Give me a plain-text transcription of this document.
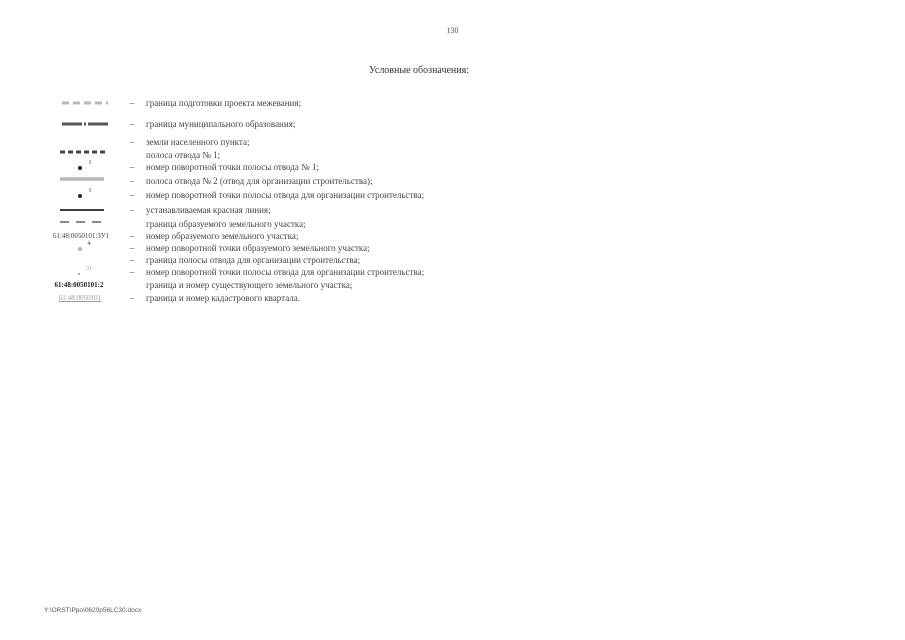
130
Условные обозначения:
– граница подготовки проекта межевания;
– граница муниципального образования;
– земли населенного пункта;
полоса отвода № 1;
1	– номер поворотной точки полосы отвода № 1;
– полоса отвода № 2 (отвод для организации строительства);
1	– номер поворотной точки полосы отвода для организации строительства;
– устанавливаемая красная линия;
граница образуемого земельного участка;
61:48:0050101:ЗУ1	– номер образуемого земельного участка;
4	– номер поворотной точки образуемого земельного участка;
– граница полосы отвода для организации строительства;
31	– номер поворотной точки полосы отвода для организации строительства;
61:48:0050101:2	граница и номер существующего земельного участка;
61:48:0050101	– граница и номер кадастрового квартала.
Y:\ORST\Ppo\0620p56LC30.docx
